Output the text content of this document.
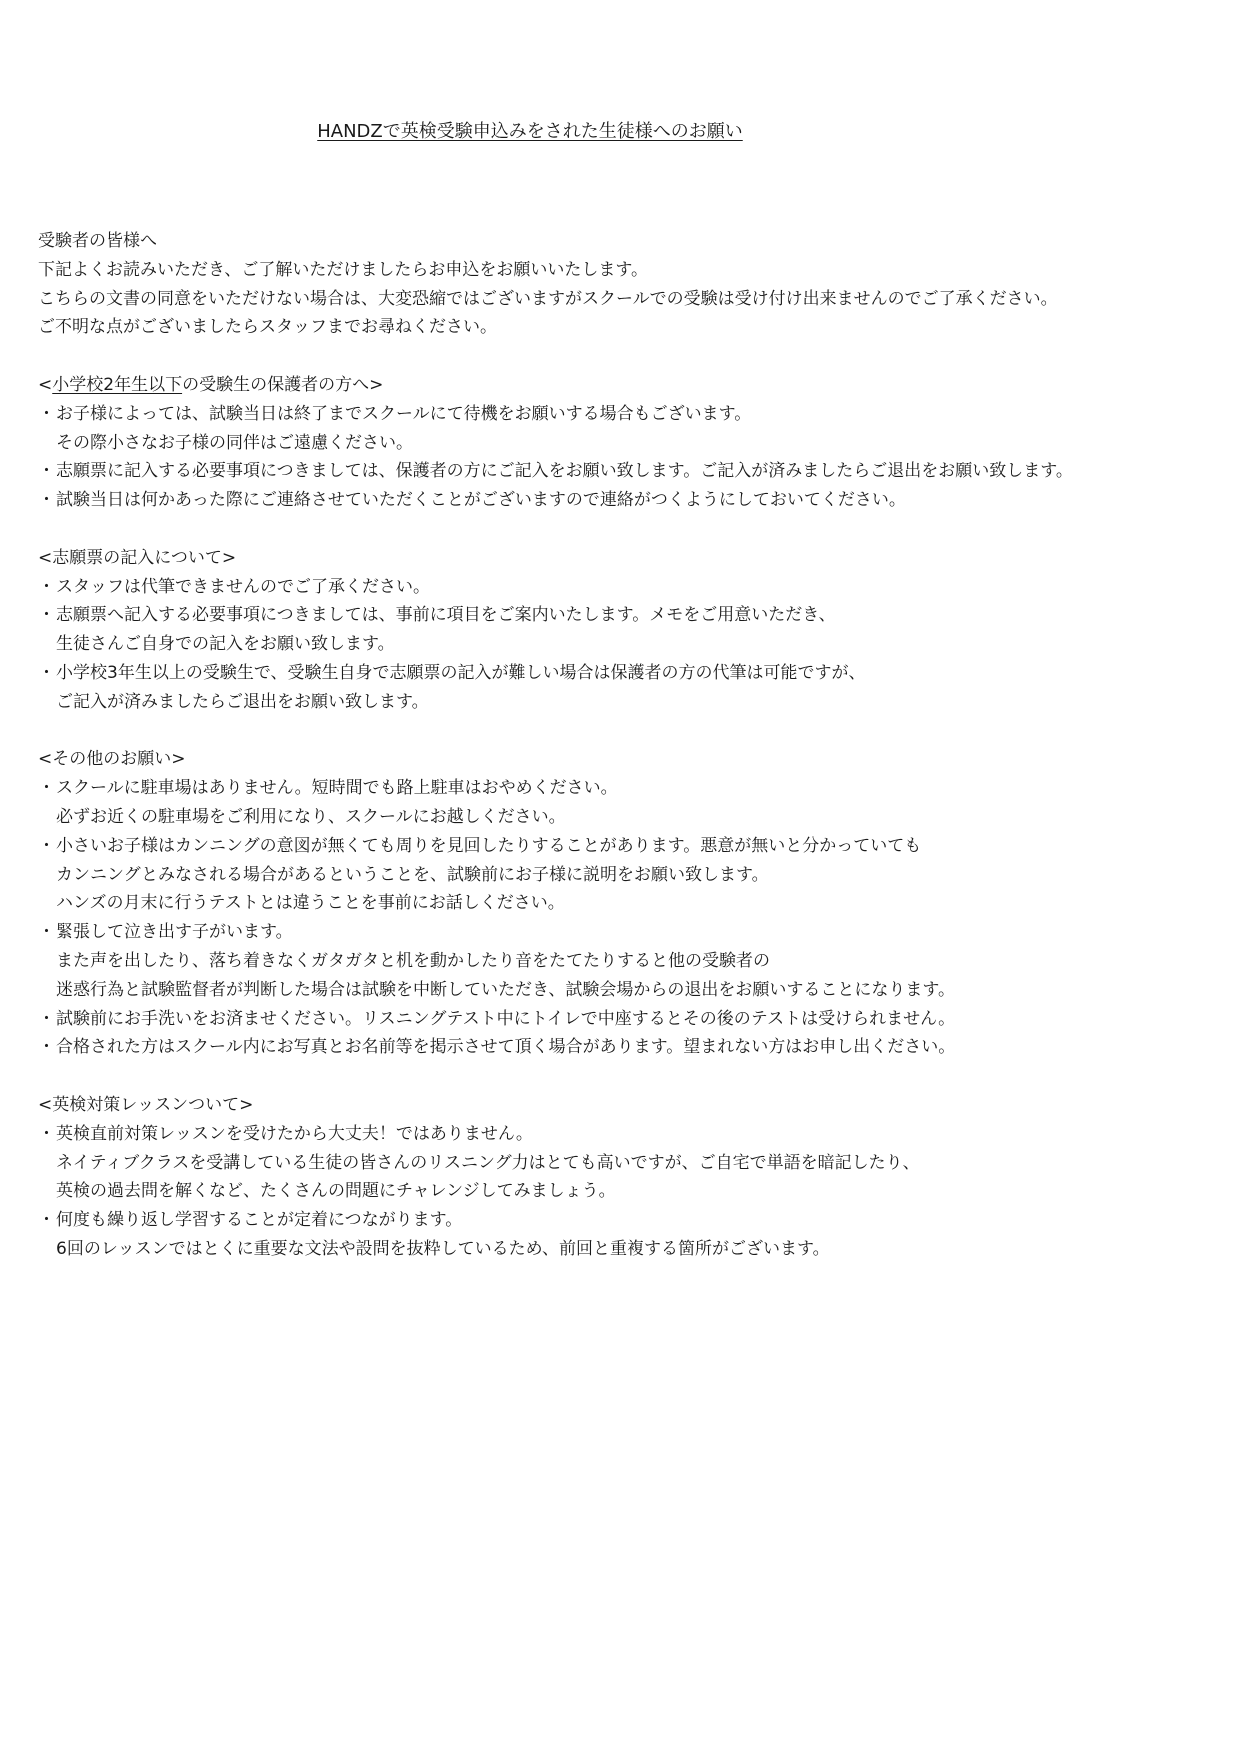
HANDZで英検受験申込みをされた生徒様へのお願い
受験者の皆様へ
下記よくお読みいただき、ご了解いただけましたらお申込をお願いいたします。
こちらの文書の同意をいただけない場合は、大変恐縮ではございますがスクールでの受験は受け付け出来ませんのでご了承ください。
ご不明な点がございましたらスタッフまでお尋ねください。
<小学校2年生以下の受験生の保護者の方へ>
・お子様によっては、試験当日は終了までスクールにて待機をお願いする場合もございます。
その際小さなお子様の同伴はご遠慮ください。
・志願票に記入する必要事項につきましては、保護者の方にご記入をお願い致します。ご記入が済みましたらご退出をお願い致します。
・試験当日は何かあった際にご連絡させていただくことがございますので連絡がつくようにしておいてください。
<志願票の記入について>
・スタッフは代筆できませんのでご了承ください。
・志願票へ記入する必要事項につきましては、事前に項目をご案内いたします。メモをご用意いただき、
生徒さんご自身での記入をお願い致します。
・小学校3年生以上の受験生で、受験生自身で志願票の記入が難しい場合は保護者の方の代筆は可能ですが、
ご記入が済みましたらご退出をお願い致します。
<その他のお願い>
・スクールに駐車場はありません。短時間でも路上駐車はおやめください。
必ずお近くの駐車場をご利用になり、スクールにお越しください。
・小さいお子様はカンニングの意図が無くても周りを見回したりすることがあります。悪意が無いと分かっていても
カンニングとみなされる場合があるということを、試験前にお子様に説明をお願い致します。
ハンズの月末に行うテストとは違うことを事前にお話しください。
・緊張して泣き出す子がいます。
また声を出したり、落ち着きなくガタガタと机を動かしたり音をたてたりすると他の受験者の
迷惑行為と試験監督者が判断した場合は試験を中断していただき、試験会場からの退出をお願いすることになります。
・試験前にお手洗いをお済ませください。リスニングテスト中にトイレで中座するとその後のテストは受けられません。
・合格された方はスクール内にお写真とお名前等を掲示させて頂く場合があります。望まれない方はお申し出ください。
<英検対策レッスンついて>
・英検直前対策レッスンを受けたから大丈夫！ではありません。
ネイティブクラスを受講している生徒の皆さんのリスニング力はとても高いですが、ご自宅で単語を暗記したり、
英検の過去問を解くなど、たくさんの問題にチャレンジしてみましょう。
・何度も繰り返し学習することが定着につながります。
6回のレッスンではとくに重要な文法や設問を抜粋しているため、前回と重複する箇所がございます。
